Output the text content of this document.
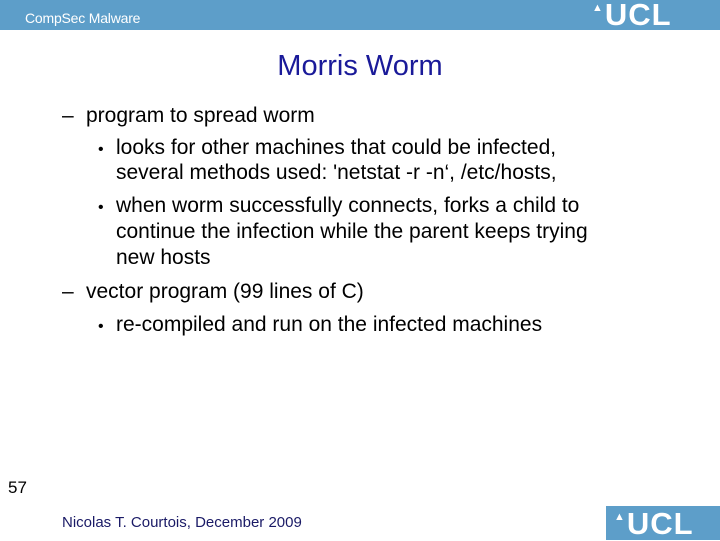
CompSec Malware
▲ UCL
Morris Worm
– program to spread worm
• looks for other machines that could be infected,
several methods used: 'netstat -r -n‘, /etc/hosts,
• when worm successfully connects, forks a child to
continue the infection while the parent keeps trying
new hosts
– vector program (99 lines of C)
• re-compiled and run on the infected machines
57
Nicolas T. Courtois, December 2009	▲ UCL
